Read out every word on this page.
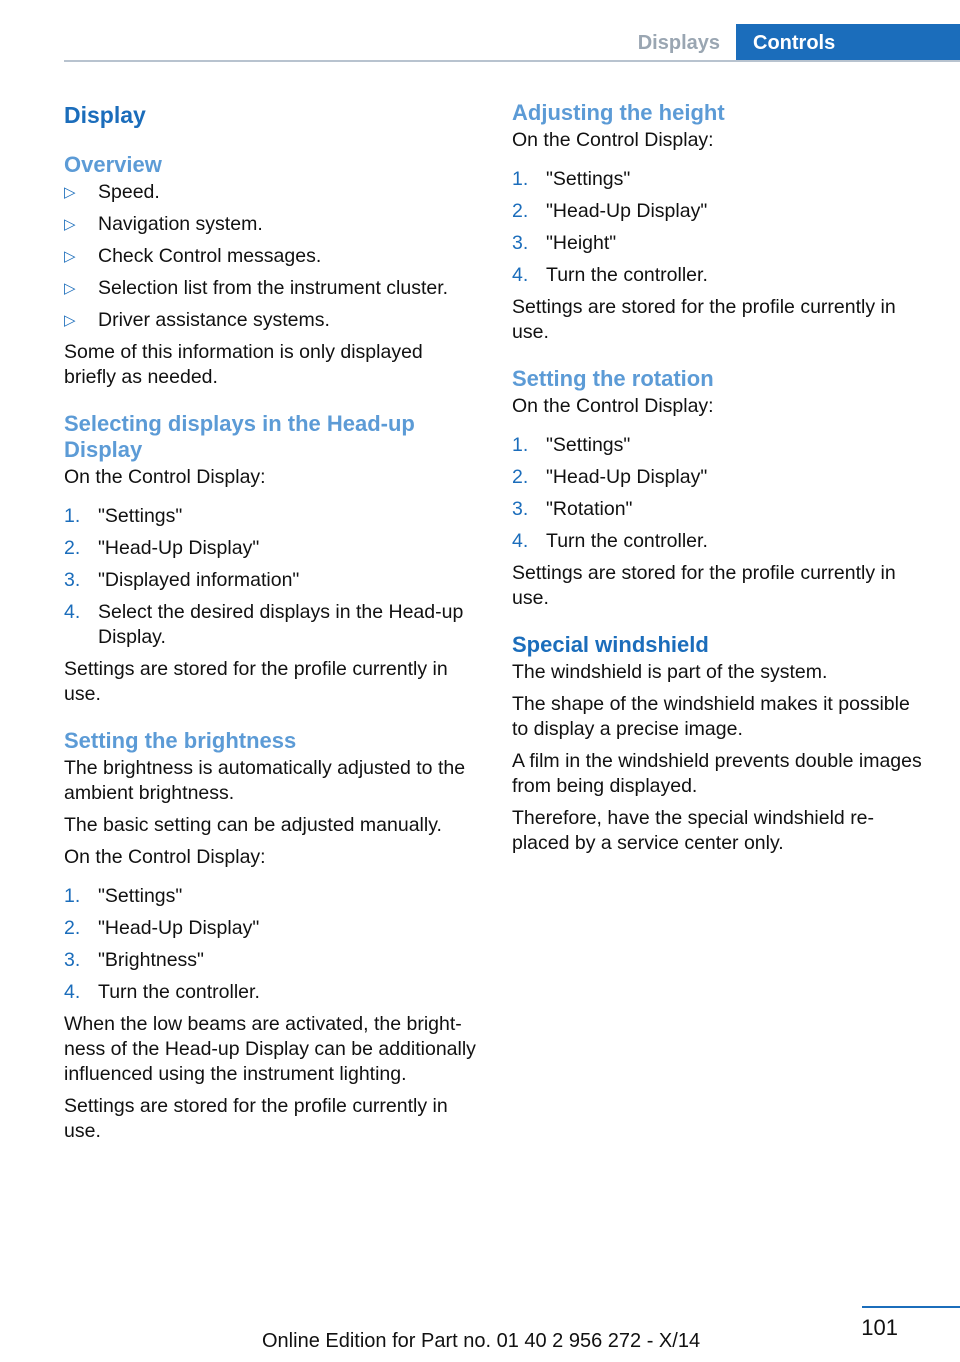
Displays	Controls
Display
Overview
▷ Speed.
▷ Navigation system.
▷ Check Control messages.
▷ Selection list from the instrument cluster.
▷ Driver assistance systems.

Some of this information is only displayed briefly as needed.

Selecting displays in the Head-up Display

On the Control Display:

1. "Settings"
2. "Head-Up Display"
3. "Displayed information"
4. Select the desired displays in the Head-up Display.

Settings are stored for the profile currently in use.

Setting the brightness

The brightness is automatically adjusted to the ambient brightness.

The basic setting can be adjusted manually.

On the Control Display:

1. "Settings"
2. "Head-Up Display"
3. "Brightness"
4. Turn the controller.

When the low beams are activated, the brightness of the Head-up Display can be additionally influenced using the instrument lighting.

Settings are stored for the profile currently in use.

Adjusting the height

On the Control Display:

1. "Settings"
2. "Head-Up Display"
3. "Height"
4. Turn the controller.

Settings are stored for the profile currently in use.

Setting the rotation

On the Control Display:

1. "Settings"
2. "Head-Up Display"
3. "Rotation"
4. Turn the controller.

Settings are stored for the profile currently in use.

Special windshield

The windshield is part of the system.

The shape of the windshield makes it possible to display a precise image.

A film in the windshield prevents double images from being displayed.

Therefore, have the special windshield replaced by a service center only.

101
Online Edition for Part no. 01 40 2 956 272 - X/14
